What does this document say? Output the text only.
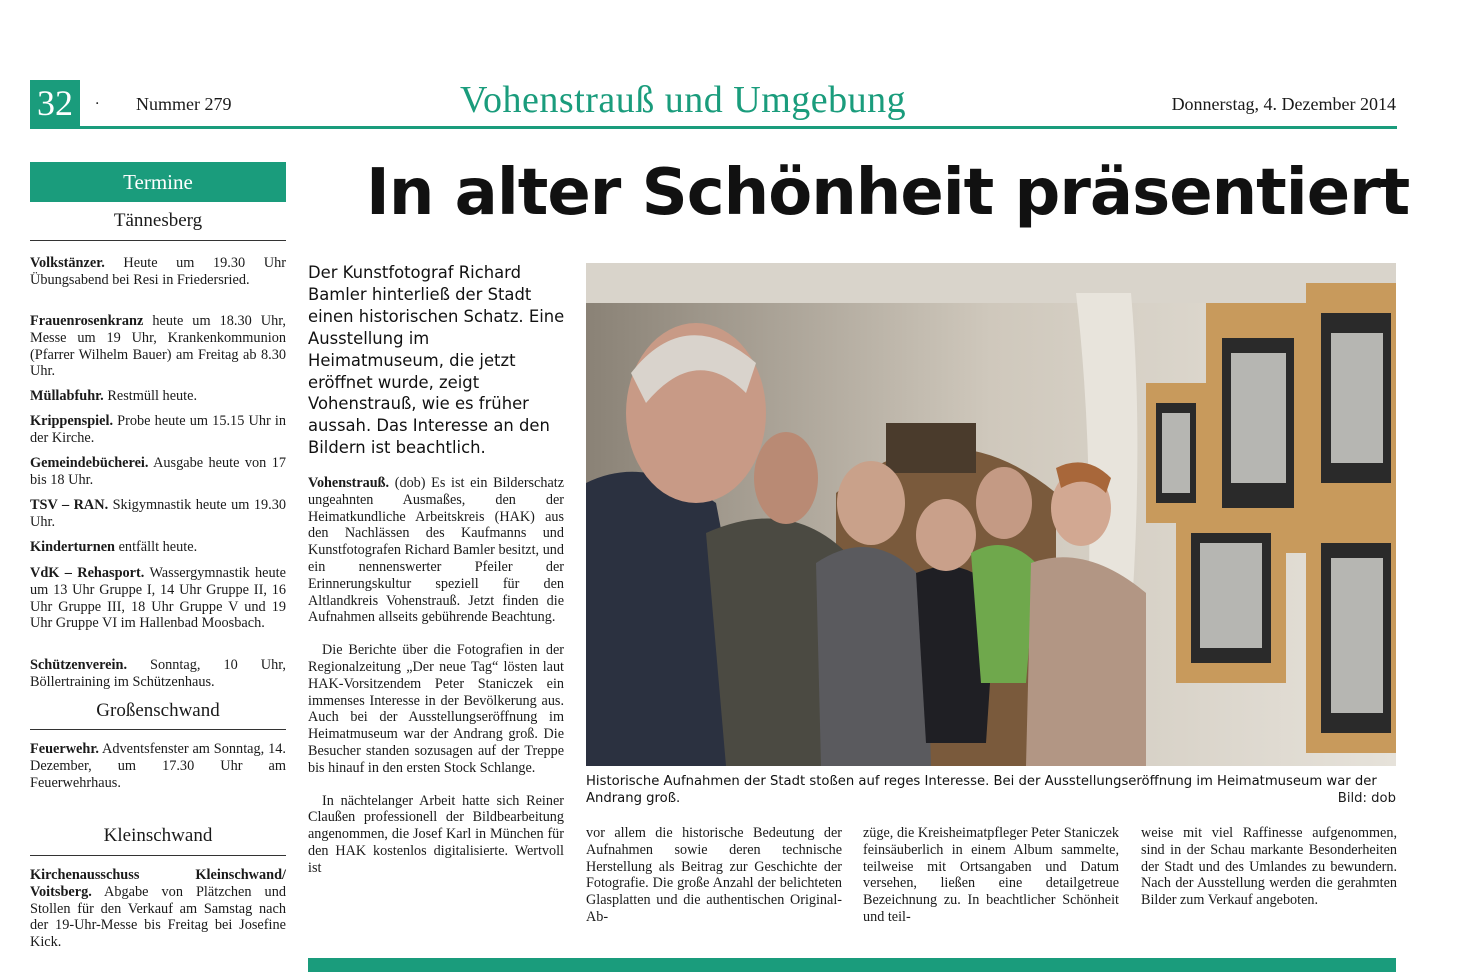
32	· Nummer 279	Vohenstrauß und Umgebung	Donnerstag, 4. Dezember 2014
Termine
Tännesberg
Volkstänzer. Heute um 19.30 Uhr Übungsabend bei Resi in Friedersried.
Frauenrosenkranz heute um 18.30 Uhr, Messe um 19 Uhr, Krankenkommunion (Pfarrer Wilhelm Bauer) am Freitag ab 8.30 Uhr.
Müllabfuhr. Restmüll heute.
Krippenspiel. Probe heute um 15.15 Uhr in der Kirche.
Gemeindebücherei. Ausgabe heute von 17 bis 18 Uhr.
TSV – RAN. Skigymnastik heute um 19.30 Uhr.
Kinderturnen entfällt heute.
VdK – Rehasport. Wassergymnastik heute um 13 Uhr Gruppe I, 14 Uhr Gruppe II, 16 Uhr Gruppe III, 18 Uhr Gruppe V und 19 Uhr Gruppe VI im Hallenbad Moosbach.
Schützenverein. Sonntag, 10 Uhr, Böllertraining im Schützenhaus.
Großenschwand
Feuerwehr. Adventsfenster am Sonntag, 14. Dezember, um 17.30 Uhr am Feuerwehrhaus.
Kleinschwand
Kirchenausschuss Kleinschwand/ Voitsberg. Abgabe von Plätzchen und Stollen für den Verkauf am Samstag nach der 19-Uhr-Messe bis Freitag bei Josefine Kick.
In alter Schönheit präsentiert
Der Kunstfotograf Richard Bamler hinterließ der Stadt einen historischen Schatz. Eine Ausstellung im Heimatmuseum, die jetzt eröffnet wurde, zeigt Vohenstrauß, wie es früher aussah. Das Interesse an den Bildern ist beachtlich.

Vohenstrauß. (dob) Es ist ein Bilderschatz ungeahnten Ausmaßes, den der Heimatkundliche Arbeitskreis (HAK) aus den Nachlässen des Kaufmanns und Kunstfotografen Richard Bamler besitzt, und ein nennenswerter Pfeiler der Erinnerungskultur speziell für den Altlandkreis Vohenstrauß. Jetzt finden die Aufnahmen allseits gebührende Beachtung.

Die Berichte über die Fotografien in der Regionalzeitung „Der neue Tag“ lösten laut HAK-Vorsitzendem Peter Staniczek ein immenses Interesse in der Bevölkerung aus. Auch bei der Ausstellungseröffnung im Heimatmuseum war der Andrang groß. Die Besucher standen sozusagen auf der Treppe bis hinauf in den ersten Stock Schlange.

In nächtelanger Arbeit hatte sich Reiner Claußen professionell der Bildbearbeitung angenommen, die Josef Karl in München für den HAK kostenlos digitalisierte. Wertvoll ist

Historische Aufnahmen der Stadt stoßen auf reges Interesse. Bei der Ausstellungseröffnung im Heimatmuseum war der Andrang groß.	Bild: dob

vor allem die historische Bedeutung der Aufnahmen sowie deren technische Herstellung als Beitrag zur Geschichte der Fotografie. Die große Anzahl der belichteten Glasplatten und die authentischen Original-Ab-

züge, die Kreisheimatpfleger Peter Staniczek feinsäuberlich in einem Album sammelte, teilweise mit Ortsangaben und Datum versehen, ließen eine detailgetreue Bezeichnung zu. In beachtlicher Schönheit und teil-

weise mit viel Raffinesse aufgenommen, sind in der Schau markante Besonderheiten der Stadt und des Umlandes zu bewundern. Nach der Ausstellung werden die gerahmten Bilder zum Verkauf angeboten.
